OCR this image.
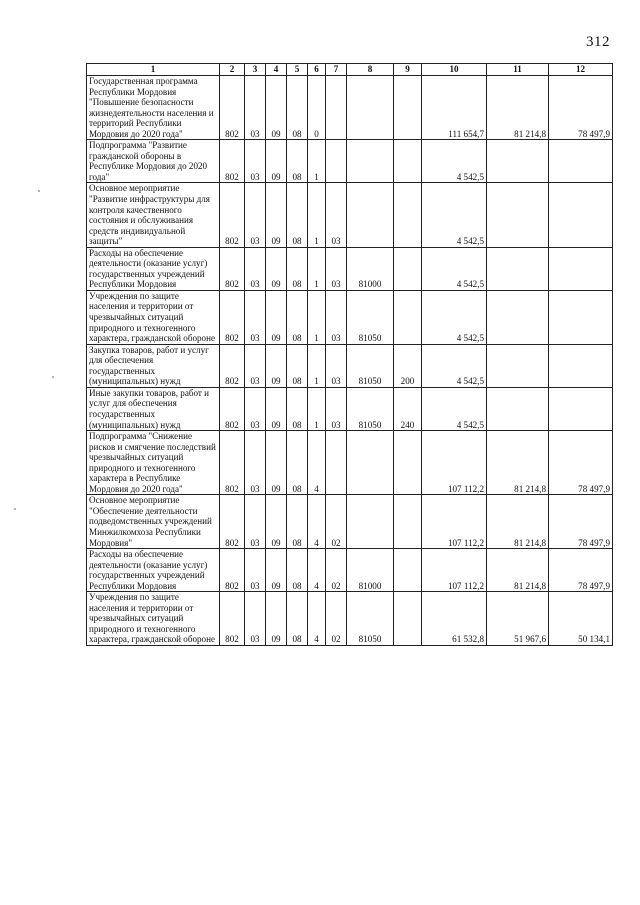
312
1	2	3	4	5	6	7	8	9	10	11	12
Государственная программа Республики Мордовия "Повышение безопасности жизнедеятельности населения и территорий Республики Мордовия до 2020 года"	802	03	09	08	0				111 654,7	81 214,8	78 497,9
Подпрограмма "Развитие гражданской обороны в Республике Мордовия до 2020 года"	802	03	09	08	1				4 542,5		
Основное мероприятие "Развитие инфраструктуры для контроля качественного состояния и обслуживания средств индивидуальной защиты"	802	03	09	08	1	03			4 542,5		
Расходы на обеспечение деятельности (оказание услуг) государственных учреждений Республики Мордовия	802	03	09	08	1	03	81000		4 542,5		
Учреждения по защите населения и территории от чрезвычайных ситуаций природного и техногенного характера, гражданской обороне	802	03	09	08	1	03	81050		4 542,5		
Закупка товаров, работ и услуг для обеспечения государственных (муниципальных) нужд	802	03	09	08	1	03	81050	200	4 542,5		
Иные закупки товаров, работ и услуг для обеспечения государственных (муниципальных) нужд	802	03	09	08	1	03	81050	240	4 542,5		
Подпрограмма "Снижение рисков и смягчение последствий чрезвычайных ситуаций природного и техногенного характера в Республике Мордовия до 2020 года"	802	03	09	08	4				107 112,2	81 214,8	78 497,9
Основное мероприятие "Обеспечение деятельности подведомственных учреждений Минжилкомхоза Республики Мордовия"	802	03	09	08	4	02			107 112,2	81 214,8	78 497,9
Расходы на обеспечение деятельности (оказание услуг) государственных учреждений Республики Мордовия	802	03	09	08	4	02	81000		107 112,2	81 214,8	78 497,9
Учреждения по защите населения и территории от чрезвычайных ситуаций природного и техногенного характера, гражданской обороне	802	03	09	08	4	02	81050		61 532,8	51 967,6	50 134,1
